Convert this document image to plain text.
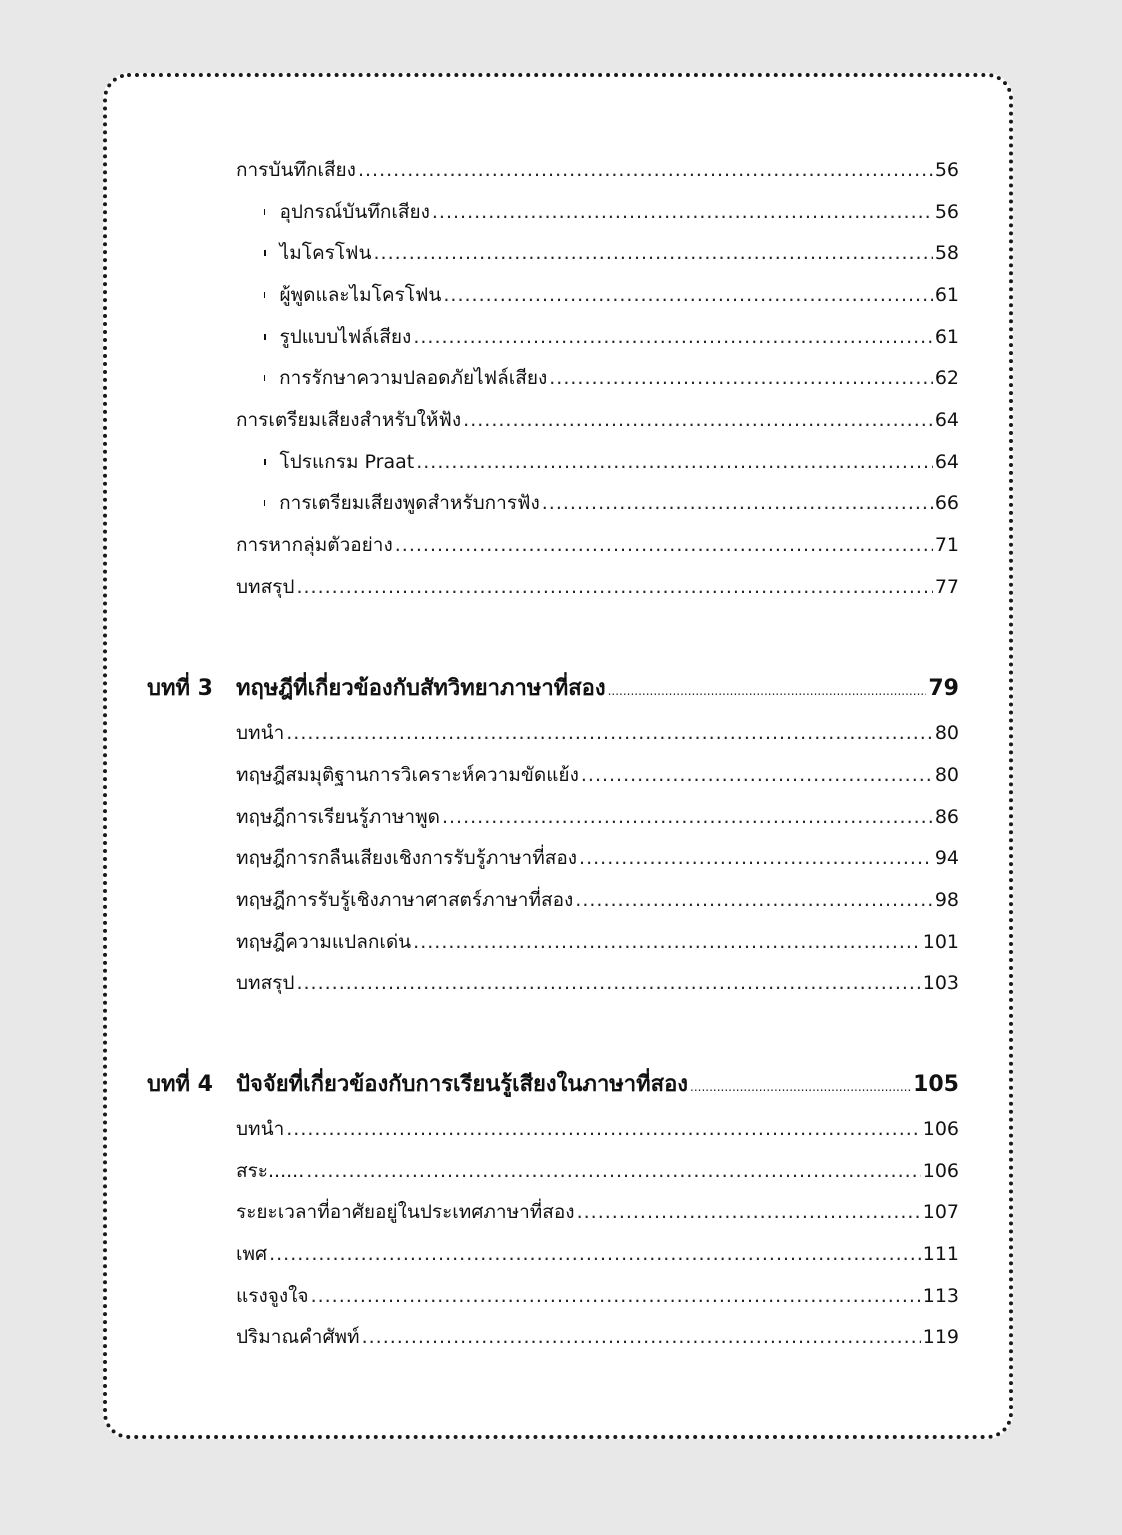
การบันทึกเสียง .....	56
อุปกรณ์บันทึกเสียง .....	56
ไมโครโฟน .....	58
ผู้พูดและไมโครโฟน .....	61
รูปแบบไฟล์เสียง .....	61
การรักษาความปลอดภัยไฟล์เสียง .....	62
การเตรียมเสียงสำหรับให้ฟัง .....	64
โปรแกรม Praat .....	64
การเตรียมเสียงพูดสำหรับการฟัง .....	66
การหากลุ่มตัวอย่าง .....	71
บทสรุป .....	77
บทที่ 3 ทฤษฎีที่เกี่ยวข้องกับสัทวิทยาภาษาที่สอง .....	79
บทนำ .....	80
ทฤษฎีสมมุติฐานการวิเคราะห์ความขัดแย้ง .....	80
ทฤษฎีการเรียนรู้ภาษาพูด .....	86
ทฤษฎีการกลืนเสียงเชิงการรับรู้ภาษาที่สอง .....	94
ทฤษฎีการรับรู้เชิงภาษาศาสตร์ภาษาที่สอง .....	98
ทฤษฎีความแปลกเด่น .....	101
บทสรุป .....	103
บทที่ 4 ปัจจัยที่เกี่ยวข้องกับการเรียนรู้เสียงในภาษาที่สอง .....	105
บทนำ .....	106
สระ...... .....	106
ระยะเวลาที่อาศัยอยู่ในประเทศภาษาที่สอง .....	107
เพศ .....	111
แรงจูงใจ .....	113
ปริมาณคำศัพท์ .....	119
